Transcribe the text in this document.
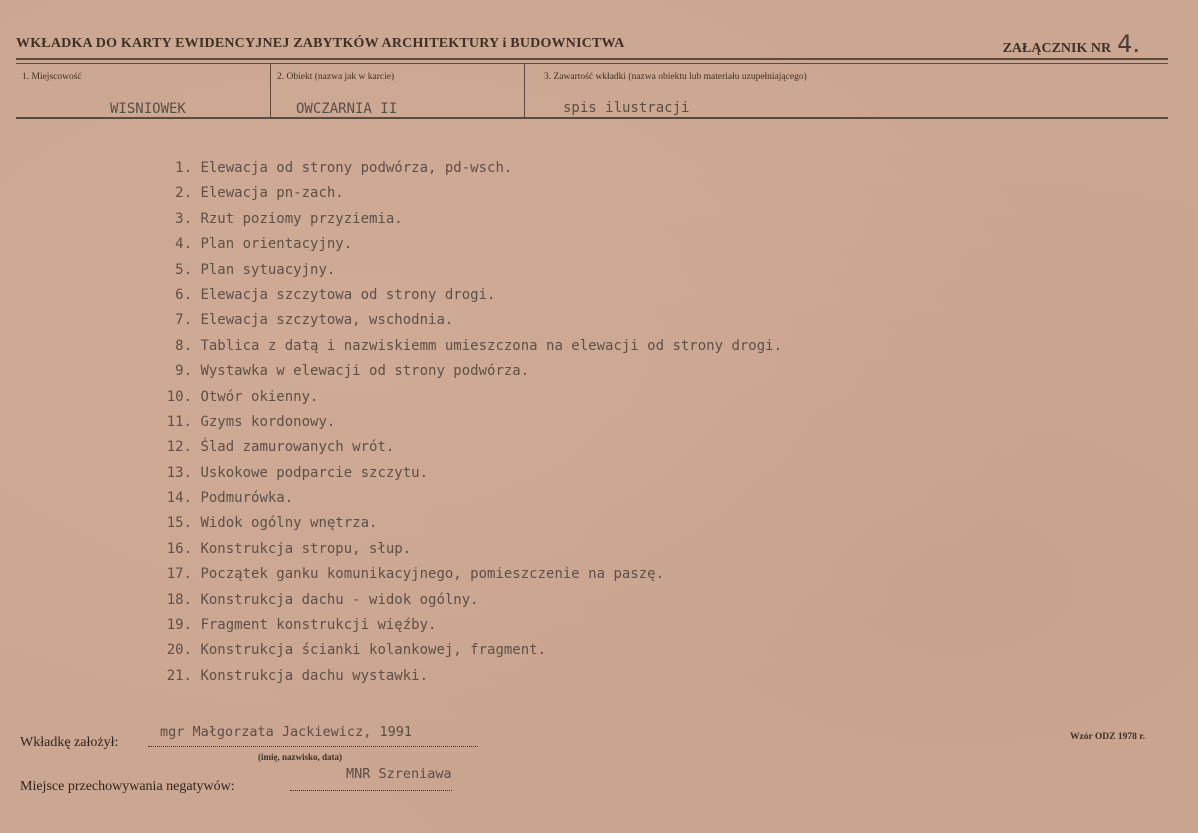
WKŁADKA DO KARTY EWIDENCYJNEJ ZABYTKÓW ARCHITEKTURY i BUDOWNICTWA	ZAŁĄCZNIK NR 4.
1. Miejscowość	2. Obiekt (nazwa jak w karcie)	3. Zawartość wkładki (nazwa obiektu lub materiału uzupełniającego)
WISNIOWEK	OWCZARNIA II	spis ilustracji
1. Elewacja od strony podwórza, pd-wsch.
2. Elewacja pn-zach.
3. Rzut poziomy przyziemia.
4. Plan orientacyjny.
5. Plan sytuacyjny.
6. Elewacja szczytowa od strony drogi.
7. Elewacja szczytowa, wschodnia.
8. Tablica z datą i nazwiskiemm umieszczona na elewacji od strony drogi.
9. Wystawka w elewacji od strony podwórza.
10. Otwór okienny.
11. Gzyms kordonowy.
12. Ślad zamurowanych wrót.
13. Uskokowe podparcie szczytu.
14. Podmurówka.
15. Widok ogólny wnętrza.
16. Konstrukcja stropu, słup.
17. Początek ganku komunikacyjnego, pomieszczenie na paszę.
18. Konstrukcja dachu - widok ogólny.
19. Fragment konstrukcji więźby.
20. Konstrukcja ścianki kolankowej, fragment.
21. Konstrukcja dachu wystawki.
Wkładkę założył:
mgr Małgorzata Jackiewicz, 1991
(imię, nazwisko, data)
Miejsce przechowywania negatywów:
MNR Szreniawa
Wzór ODZ 1978 r.
